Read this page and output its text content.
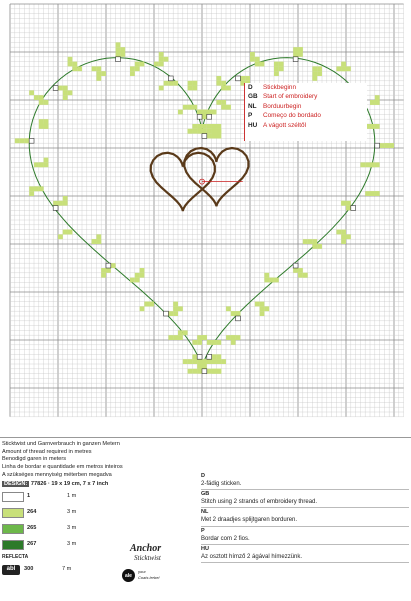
D	Stickbeginn
GB Start of embroidery
NL	Borduurbegin
P	Começo do bordado
HU A vágott széltől
Sticktwist und Garnverbrauch in ganzen Metern
Amount of thread required in metres
Benodigd garen in meters
Linha de bordar e quantidade em metros inteiros
A szükséges mennyiség méterben megadva
DESIGN: 77826 · 19 x 19 cm, 7 x 7 inch
1	1 m
264	3 m
265	3 m
267	3 m
REFLECTA
abl	300	7 m
Anchor
Sticktwist
ale
your
Coats lerbel
D
2-fädig sticken.
GB
Stitch using 2 strands of embroidery thread.
NL
Met 2 draadjes splijtgaren borduren.
P
Bordar com 2 fios.
HU
Az osztott hímző 2 ágával hímezzünk.
